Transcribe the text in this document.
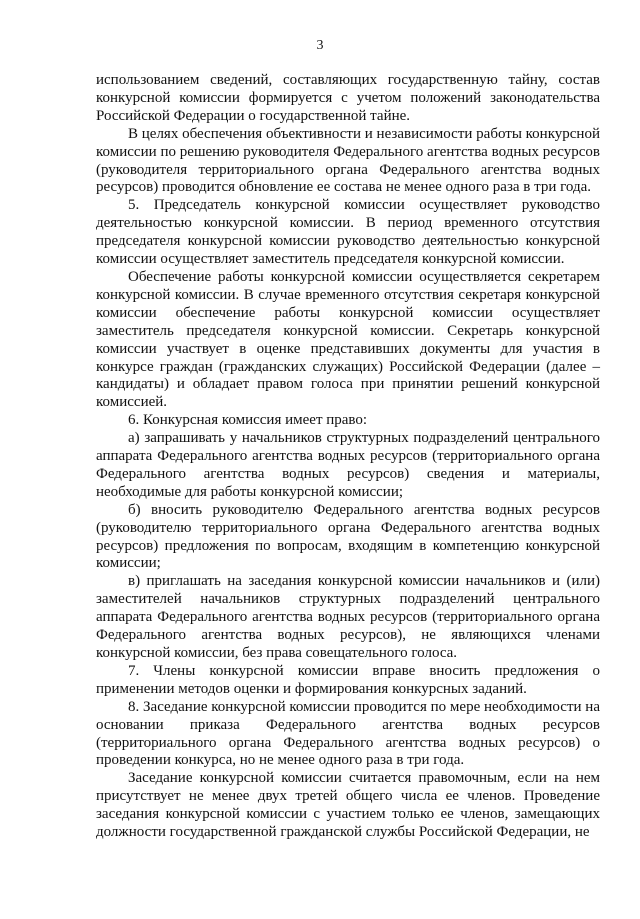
3

использованием сведений, составляющих государственную тайну, состав конкурсной комиссии формируется с учетом положений законодательства Российской Федерации о государственной тайне.

В целях обеспечения объективности и независимости работы конкурсной комиссии по решению руководителя Федерального агентства водных ресурсов (руководителя территориального органа Федерального агентства водных ресурсов) проводится обновление ее состава не менее одного раза в три года.

5. Председатель конкурсной комиссии осуществляет руководство деятельностью конкурсной комиссии. В период временного отсутствия председателя конкурсной комиссии руководство деятельностью конкурсной комиссии осуществляет заместитель председателя конкурсной комиссии.

Обеспечение работы конкурсной комиссии осуществляется секретарем конкурсной комиссии. В случае временного отсутствия секретаря конкурсной комиссии обеспечение работы конкурсной комиссии осуществляет заместитель председателя конкурсной комиссии. Секретарь конкурсной комиссии участвует в оценке представивших документы для участия в конкурсе граждан (гражданских служащих) Российской Федерации (далее – кандидаты) и обладает правом голоса при принятии решений конкурсной комиссией.

6. Конкурсная комиссия имеет право:

а) запрашивать у начальников структурных подразделений центрального аппарата Федерального агентства водных ресурсов (территориального органа Федерального агентства водных ресурсов) сведения и материалы, необходимые для работы конкурсной комиссии;

б) вносить руководителю Федерального агентства водных ресурсов (руководителю территориального органа Федерального агентства водных ресурсов) предложения по вопросам, входящим в компетенцию конкурсной комиссии;

в) приглашать на заседания конкурсной комиссии начальников и (или) заместителей начальников структурных подразделений центрального аппарата Федерального агентства водных ресурсов (территориального органа Федерального агентства водных ресурсов), не являющихся членами конкурсной комиссии, без права совещательного голоса.

7. Члены конкурсной комиссии вправе вносить предложения о применении методов оценки и формирования конкурсных заданий.

8. Заседание конкурсной комиссии проводится по мере необходимости на основании приказа Федерального агентства водных ресурсов (территориального органа Федерального агентства водных ресурсов) о проведении конкурса, но не менее одного раза в три года.

Заседание конкурсной комиссии считается правомочным, если на нем присутствует не менее двух третей общего числа ее членов. Проведение заседания конкурсной комиссии с участием только ее членов, замещающих должности государственной гражданской службы Российской Федерации, не
